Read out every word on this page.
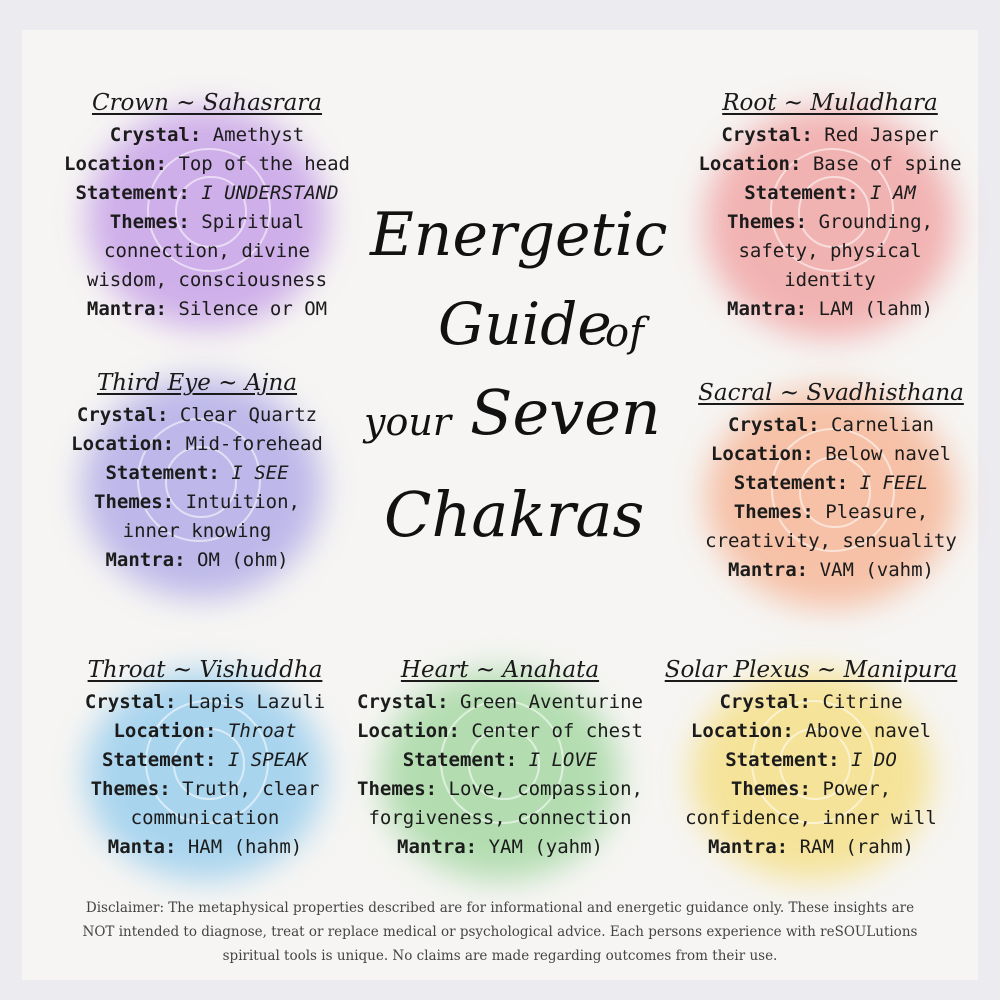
Crown ~ Sahasrara
Crystal: Amethyst
Location: Top of the head
Statement: I UNDERSTAND
Themes: Spiritual
connection, divine
wisdom, consciousness
Mantra: Silence or OM
Root ~ Muladhara
Crystal: Red Jasper
Location: Base of spine
Statement: I AM
Themes: Grounding,
safety, physical
identity
Mantra: LAM (lahm)
Third Eye ~ Ajna
Crystal: Clear Quartz
Location: Mid-forehead
Statement: I SEE
Themes: Intuition,
inner knowing
Mantra: OM (ohm)
Sacral ~ Svadhisthana
Crystal: Carnelian
Location: Below navel
Statement: I FEEL
Themes: Pleasure,
creativity, sensuality
Mantra: VAM (vahm)
Throat ~ Vishuddha
Crystal: Lapis Lazuli
Location: Throat
Statement: I SPEAK
Themes: Truth, clear
communication
Manta: HAM (hahm)
Heart ~ Anahata
Crystal: Green Aventurine
Location: Center of chest
Statement: I LOVE
Themes: Love, compassion,
forgiveness, connection
Mantra: YAM (yahm)
Solar Plexus ~ Manipura
Crystal: Citrine
Location: Above navel
Statement: I DO
Themes: Power,
confidence, inner will
Mantra: RAM (rahm)
Energetic
Guide
of
your Seven
Chakras
Disclaimer: The metaphysical properties described are for informational and energetic guidance only. These insights are
NOT intended to diagnose, treat or replace medical or psychological advice. Each persons experience with reSOULutions
spiritual tools is unique. No claims are made regarding outcomes from their use.
